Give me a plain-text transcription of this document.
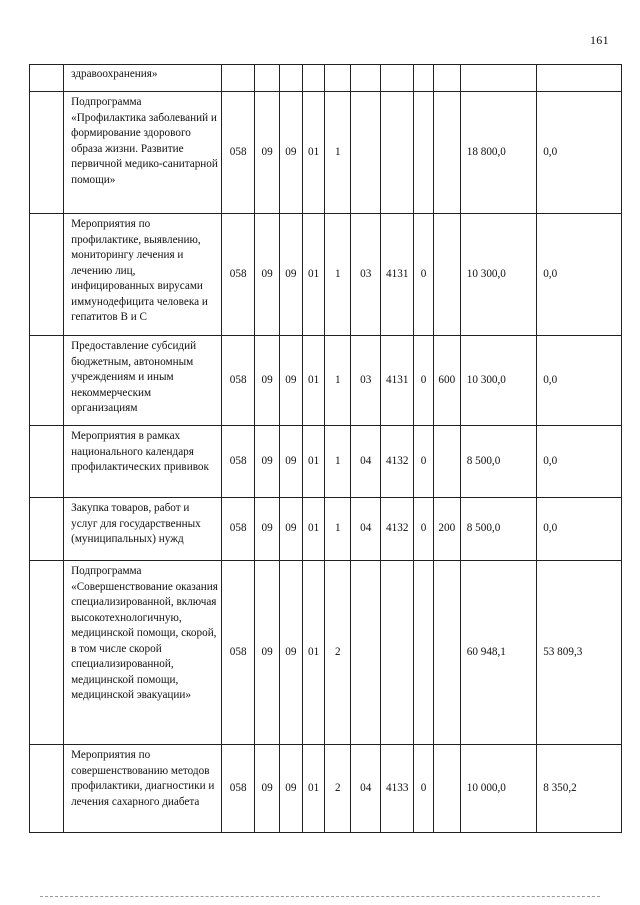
161
	здравоохранения»											
	Подпрограмма «Профилактика заболеваний и формирование здорового образа жизни. Развитие первичной медико-санитарной помощи»	058	09	09	01	1					18 800,0	0,0
	Мероприятия по профилактике, выявлению, мониторингу лечения и лечению лиц, инфицированных вирусами иммунодефицита человека и гепатитов В и С	058	09	09	01	1	03	4131	0		10 300,0	0,0
	Предоставление субсидий бюджетным, автономным учреждениям и иным некоммерческим организациям	058	09	09	01	1	03	4131	0	600	10 300,0	0,0
	Мероприятия в рамках национального календаря профилактических прививок	058	09	09	01	1	04	4132	0		8 500,0	0,0
	Закупка товаров, работ и услуг для государственных (муниципальных) нужд	058	09	09	01	1	04	4132	0	200	8 500,0	0,0
	Подпрограмма «Совершенствование оказания специализированной, включая высокотехнологичную, медицинской помощи, скорой, в том числе скорой специализированной, медицинской помощи, медицинской эвакуации»	058	09	09	01	2					60 948,1	53 809,3
	Мероприятия по совершенствованию методов профилактики, диагностики и лечения сахарного диабета	058	09	09	01	2	04	4133	0		10 000,0	8 350,2
